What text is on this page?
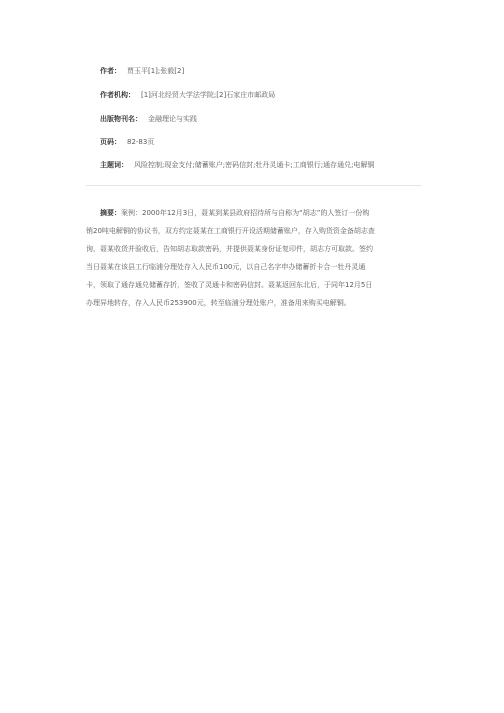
作者： 贾玉平[1];张毅[2]
作者机构： [1]河北经贸大学法学院;[2]石家庄市邮政局
出版物刊名： 金融理论与实践
页码： 82-83页
主题词： 风险控制;现金支付;储蓄账户;密码信封;牡丹灵通卡;工商银行;通存通兑;电解铜
摘要：案例：2000年12月3日，聂某到某县政府招待所与自称为“胡志”的人签订一份购
销20吨电解铜的协议书，双方约定聂某在工商银行开设活期储蓄账户，存入购货资金备胡志查
询，聂某收货并验收后，告知胡志取款密码，并提供聂某身份证复印件，胡志方可取款。签约
当日聂某在该县工行临浦分理处存入人民币100元，以自己名字申办储蓄折卡合一牡丹灵通
卡，领取了通存通兑储蓄存折，签收了灵通卡和密码信封。聂某返回东北后，于同年12月5日
办理异地转存，存入人民币253900元，转至临浦分理处账户，准备用来购买电解铜。
